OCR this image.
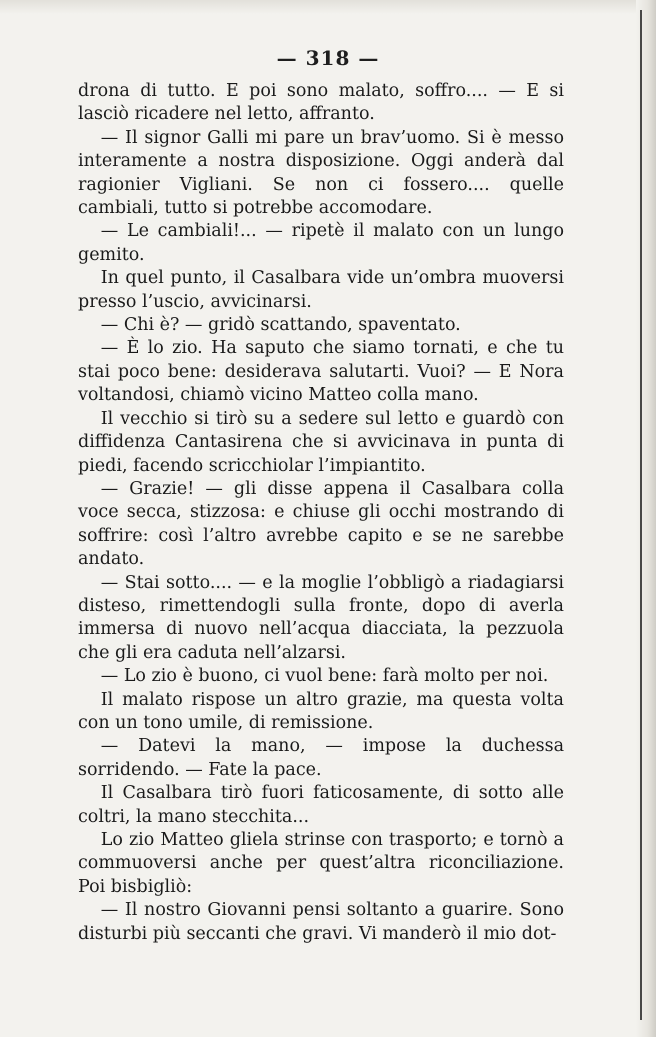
— 318 —

drona di tutto. E poi sono malato, soffro.... — E si lasciò ricadere nel letto, affranto.

— Il signor Galli mi pare un brav’uomo. Si è messo interamente a nostra disposizione. Oggi anderà dal ragionier Vigliani. Se non ci fossero.... quelle cambiali, tutto si potrebbe accomodare.

— Le cambiali!... — ripetè il malato con un lungo gemito.

In quel punto, il Casalbara vide un’ombra muoversi presso l’uscio, avvicinarsi.

— Chi è? — gridò scattando, spaventato.

— È lo zio. Ha saputo che siamo tornati, e che tu stai poco bene: desiderava salutarti. Vuoi? — E Nora voltandosi, chiamò vicino Matteo colla mano.

Il vecchio si tirò su a sedere sul letto e guardò con diffidenza Cantasirena che si avvicinava in punta di piedi, facendo scricchiolar l’impiantito.

— Grazie! — gli disse appena il Casalbara colla voce secca, stizzosa: e chiuse gli occhi mostrando di soffrire: così l’altro avrebbe capito e se ne sarebbe andato.

— Stai sotto.... — e la moglie l’obbligò a riadagiarsi disteso, rimettendogli sulla fronte, dopo di averla immersa di nuovo nell’acqua diacciata, la pezzuola che gli era caduta nell’alzarsi.

— Lo zio è buono, ci vuol bene: farà molto per noi.

Il malato rispose un altro grazie, ma questa volta con un tono umile, di remissione.

— Datevi la mano, — impose la duchessa sorridendo. — Fate la pace.

Il Casalbara tirò fuori faticosamente, di sotto alle coltri, la mano stecchita...

Lo zio Matteo gliela strinse con trasporto; e tornò a commuoversi anche per quest’altra riconciliazione. Poi bisbigliò:

— Il nostro Giovanni pensi soltanto a guarire. Sono disturbi più seccanti che gravi. Vi manderò il mio dot-
